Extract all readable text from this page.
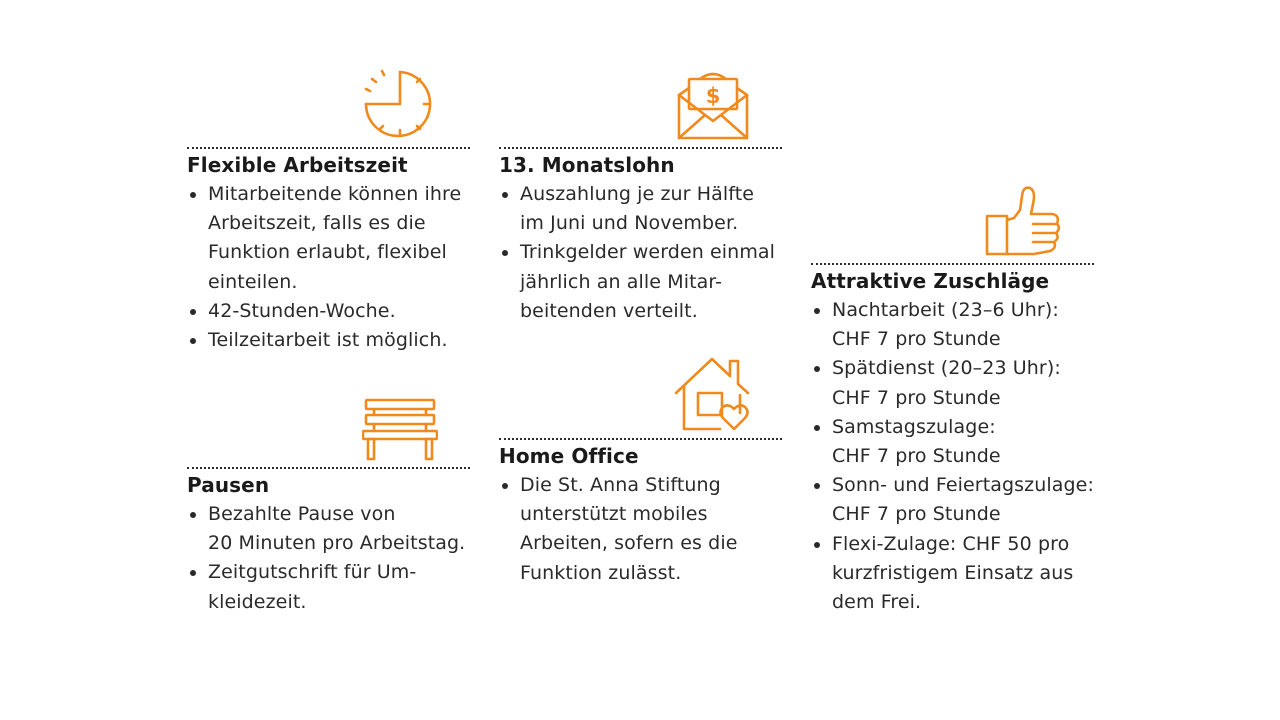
Flexible Arbeitszeit
Mitarbeitende können ihre
Arbeitszeit, falls es die
Funktion erlaubt, flexibel
einteilen.
42-Stunden-Woche.
Teilzeitarbeit ist möglich.
$
13. Monatslohn
Auszahlung je zur Hälfte
im Juni und November.
Trinkgelder werden einmal
jährlich an alle Mitar-
beitenden verteilt.
Attraktive Zuschläge
Nachtarbeit (23–6 Uhr):
CHF 7 pro Stunde
Spätdienst (20–23 Uhr):
CHF 7 pro Stunde
Samstagszulage:
CHF 7 pro Stunde
Sonn- und Feiertagszulage:
CHF 7 pro Stunde
Flexi-Zulage: CHF 50 pro
kurzfristigem Einsatz aus
dem Frei.
Pausen
Bezahlte Pause von
20 Minuten pro Arbeitstag.
Zeitgutschrift für Um-
kleidezeit.
Home Office
Die St. Anna Stiftung
unterstützt mobiles
Arbeiten, sofern es die
Funktion zulässt.
